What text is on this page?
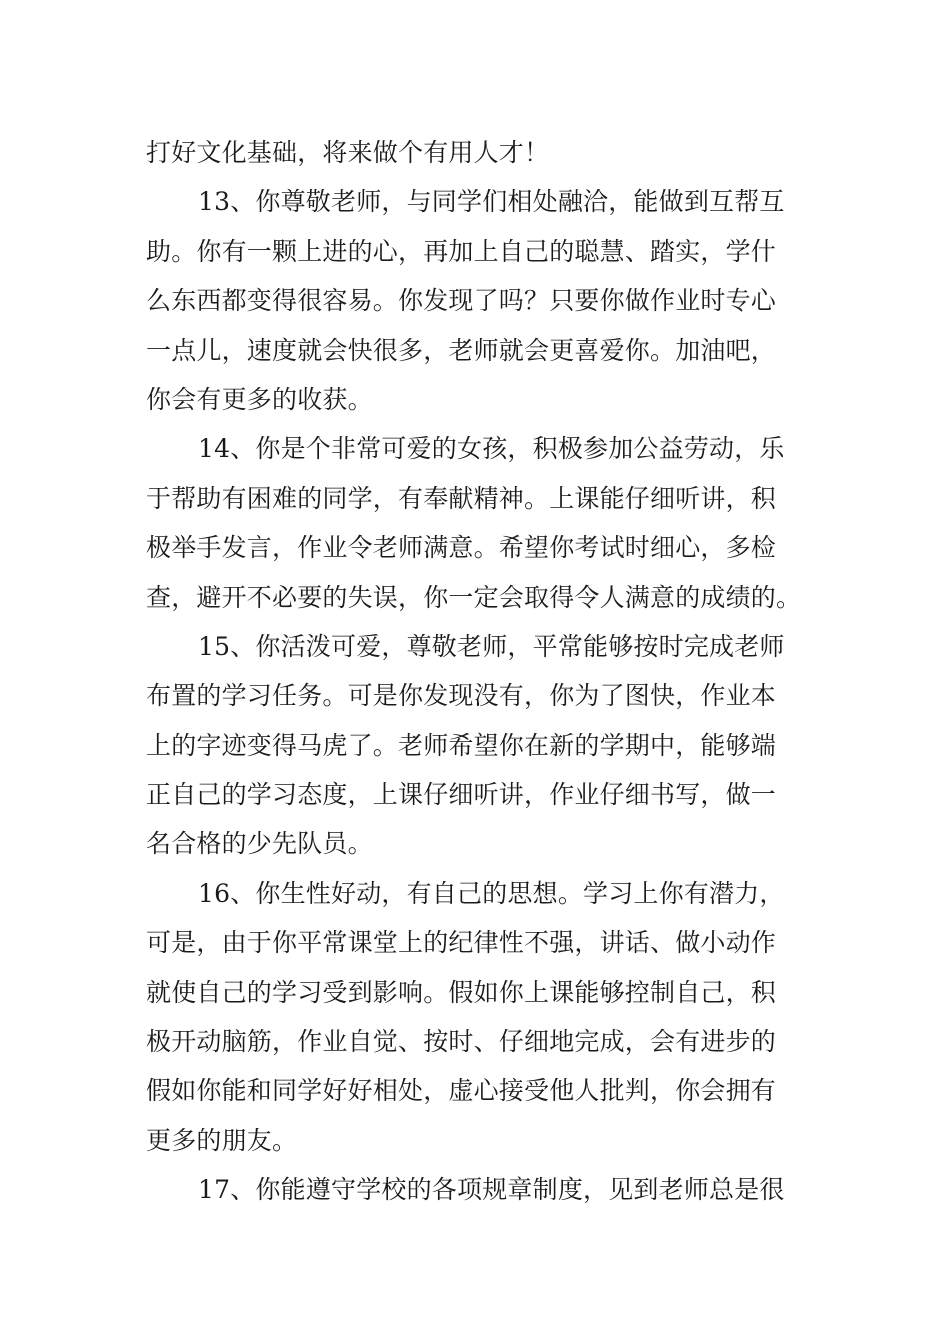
打好文化基础，将来做个有用人才！
13、你尊敬老师，与同学们相处融洽，能做到互帮互
助。你有一颗上进的心，再加上自己的聪慧、踏实，学什
么东西都变得很容易。你发现了吗？只要你做作业时专心
一点儿，速度就会快很多，老师就会更喜爱你。加油吧，
你会有更多的收获。
14、你是个非常可爱的女孩，积极参加公益劳动，乐
于帮助有困难的同学，有奉献精神。上课能仔细听讲，积
极举手发言，作业令老师满意。希望你考试时细心，多检
查，避开不必要的失误，你一定会取得令人满意的成绩的。
15、你活泼可爱，尊敬老师，平常能够按时完成老师
布置的学习任务。可是你发现没有，你为了图快，作业本
上的字迹变得马虎了。老师希望你在新的学期中，能够端
正自己的学习态度，上课仔细听讲，作业仔细书写，做一
名合格的少先队员。
16、你生性好动，有自己的思想。学习上你有潜力，
可是，由于你平常课堂上的纪律性不强，讲话、做小动作
就使自己的学习受到影响。假如你上课能够控制自己，积
极开动脑筋，作业自觉、按时、仔细地完成，会有进步的
假如你能和同学好好相处，虚心接受他人批判，你会拥有
更多的朋友。
17、你能遵守学校的各项规章制度，见到老师总是很
